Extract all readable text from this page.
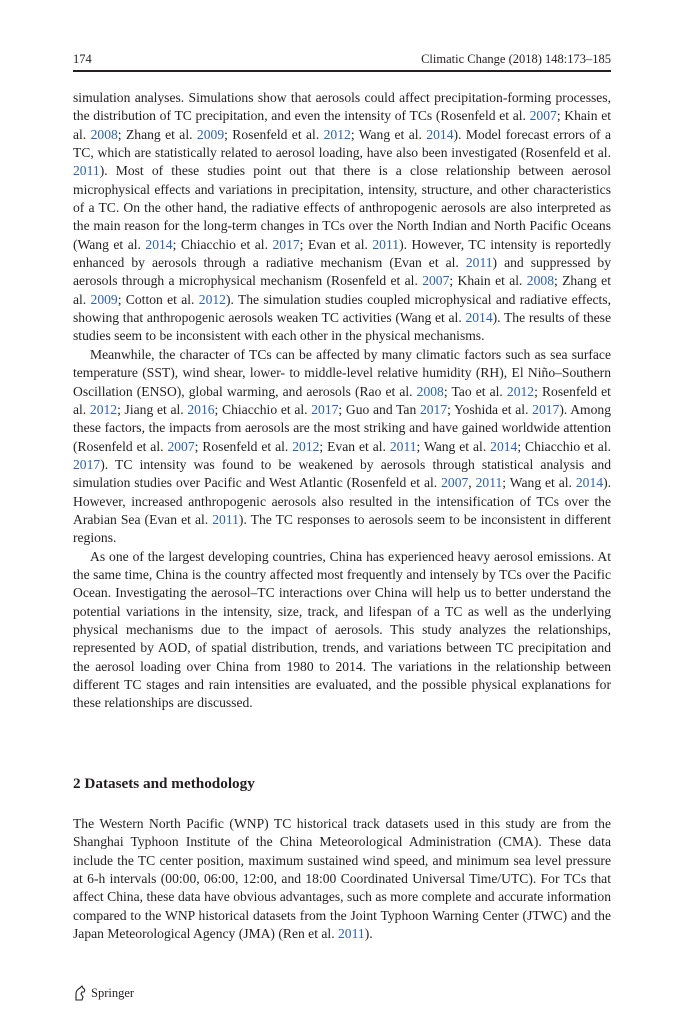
174	Climatic Change (2018) 148:173–185

simulation analyses. Simulations show that aerosols could affect precipitation-forming processes, the distribution of TC precipitation, and even the intensity of TCs (Rosenfeld et al. 2007; Khain et al. 2008; Zhang et al. 2009; Rosenfeld et al. 2012; Wang et al. 2014). Model forecast errors of a TC, which are statistically related to aerosol loading, have also been investigated (Rosenfeld et al. 2011). Most of these studies point out that there is a close relationship between aerosol microphysical effects and variations in precipitation, intensity, structure, and other characteristics of a TC. On the other hand, the radiative effects of anthropogenic aerosols are also interpreted as the main reason for the long-term changes in TCs over the North Indian and North Pacific Oceans (Wang et al. 2014; Chiacchio et al. 2017; Evan et al. 2011). However, TC intensity is reportedly enhanced by aerosols through a radiative mechanism (Evan et al. 2011) and suppressed by aerosols through a microphysical mechanism (Rosenfeld et al. 2007; Khain et al. 2008; Zhang et al. 2009; Cotton et al. 2012). The simulation studies coupled microphysical and radiative effects, showing that anthropogenic aerosols weaken TC activities (Wang et al. 2014). The results of these studies seem to be inconsistent with each other in the physical mechanisms.

Meanwhile, the character of TCs can be affected by many climatic factors such as sea surface temperature (SST), wind shear, lower- to middle-level relative humidity (RH), El Niño–Southern Oscillation (ENSO), global warming, and aerosols (Rao et al. 2008; Tao et al. 2012; Rosenfeld et al. 2012; Jiang et al. 2016; Chiacchio et al. 2017; Guo and Tan 2017; Yoshida et al. 2017). Among these factors, the impacts from aerosols are the most striking and have gained worldwide attention (Rosenfeld et al. 2007; Rosenfeld et al. 2012; Evan et al. 2011; Wang et al. 2014; Chiacchio et al. 2017). TC intensity was found to be weakened by aerosols through statistical analysis and simulation studies over Pacific and West Atlantic (Rosenfeld et al. 2007, 2011; Wang et al. 2014). However, increased anthropogenic aerosols also resulted in the intensification of TCs over the Arabian Sea (Evan et al. 2011). The TC responses to aerosols seem to be inconsistent in different regions.

As one of the largest developing countries, China has experienced heavy aerosol emissions. At the same time, China is the country affected most frequently and intensely by TCs over the Pacific Ocean. Investigating the aerosol–TC interactions over China will help us to better understand the potential variations in the intensity, size, track, and lifespan of a TC as well as the underlying physical mechanisms due to the impact of aerosols. This study analyzes the relationships, represented by AOD, of spatial distribution, trends, and variations between TC precipitation and the aerosol loading over China from 1980 to 2014. The variations in the relationship between different TC stages and rain intensities are evaluated, and the possible physical explanations for these relationships are discussed.

2 Datasets and methodology

The Western North Pacific (WNP) TC historical track datasets used in this study are from the Shanghai Typhoon Institute of the China Meteorological Administration (CMA). These data include the TC center position, maximum sustained wind speed, and minimum sea level pressure at 6-h intervals (00:00, 06:00, 12:00, and 18:00 Coordinated Universal Time/UTC). For TCs that affect China, these data have obvious advantages, such as more complete and accurate information compared to the WNP historical datasets from the Joint Typhoon Warning Center (JTWC) and the Japan Meteorological Agency (JMA) (Ren et al. 2011).

Springer
